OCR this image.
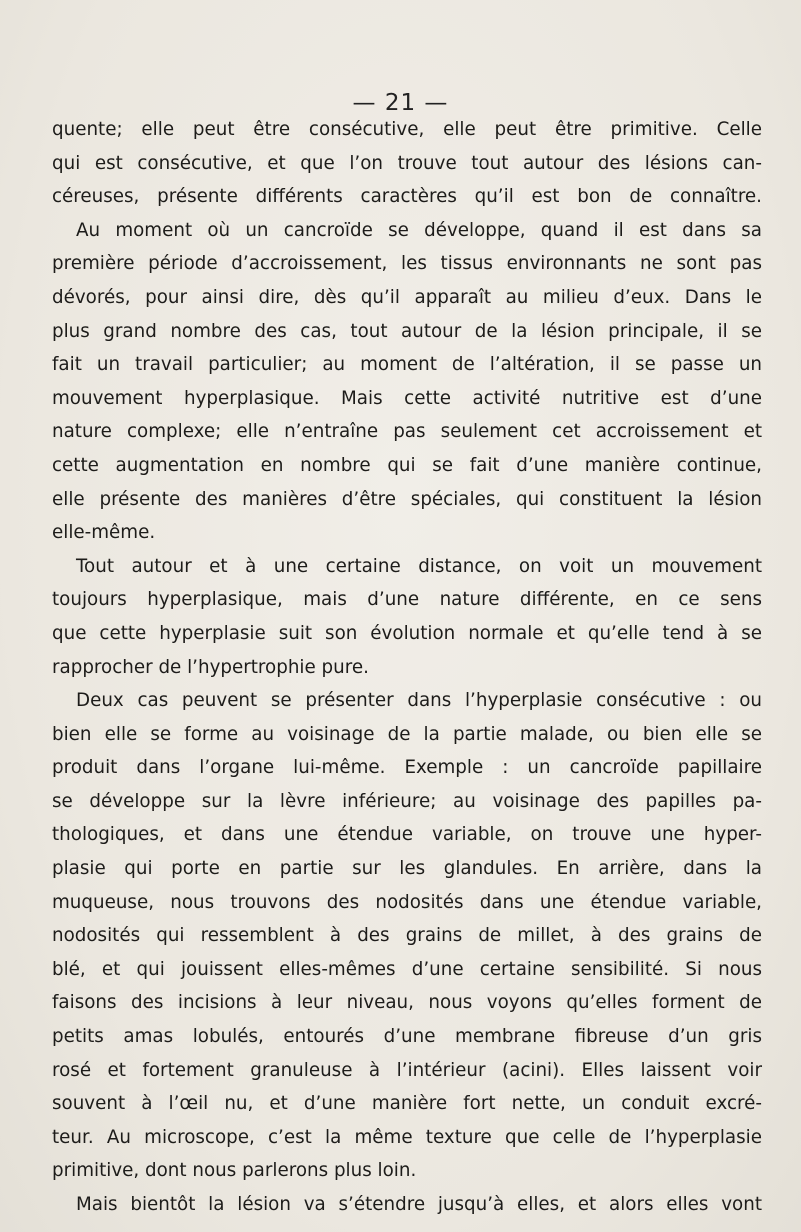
— 21 —
quente; elle peut être consécutive, elle peut être primitive. Celle
qui est consécutive, et que l’on trouve tout autour des lésions can-
céreuses, présente différents caractères qu’il est bon de connaître.
Au moment où un cancroïde se développe, quand il est dans sa
première période d’accroissement, les tissus environnants ne sont pas
dévorés, pour ainsi dire, dès qu’il apparaît au milieu d’eux. Dans le
plus grand nombre des cas, tout autour de la lésion principale, il se
fait un travail particulier; au moment de l’altération, il se passe un
mouvement hyperplasique. Mais cette activité nutritive est d’une
nature complexe; elle n’entraîne pas seulement cet accroissement et
cette augmentation en nombre qui se fait d’une manière continue,
elle présente des manières d’être spéciales, qui constituent la lésion
elle-même.
Tout autour et à une certaine distance, on voit un mouvement
toujours hyperplasique, mais d’une nature différente, en ce sens
que cette hyperplasie suit son évolution normale et qu’elle tend à se
rapprocher de l’hypertrophie pure.
Deux cas peuvent se présenter dans l’hyperplasie consécutive : ou
bien elle se forme au voisinage de la partie malade, ou bien elle se
produit dans l’organe lui-même. Exemple : un cancroïde papillaire
se développe sur la lèvre inférieure; au voisinage des papilles pa-
thologiques, et dans une étendue variable, on trouve une hyper-
plasie qui porte en partie sur les glandules. En arrière, dans la
muqueuse, nous trouvons des nodosités dans une étendue variable,
nodosités qui ressemblent à des grains de millet, à des grains de
blé, et qui jouissent elles-mêmes d’une certaine sensibilité. Si nous
faisons des incisions à leur niveau, nous voyons qu’elles forment de
petits amas lobulés, entourés d’une membrane fibreuse d’un gris
rosé et fortement granuleuse à l’intérieur (acini). Elles laissent voir
souvent à l’œil nu, et d’une manière fort nette, un conduit excré-
teur. Au microscope, c’est la même texture que celle de l’hyperplasie
primitive, dont nous parlerons plus loin.
Mais bientôt la lésion va s’étendre jusqu’à elles, et alors elles vont
